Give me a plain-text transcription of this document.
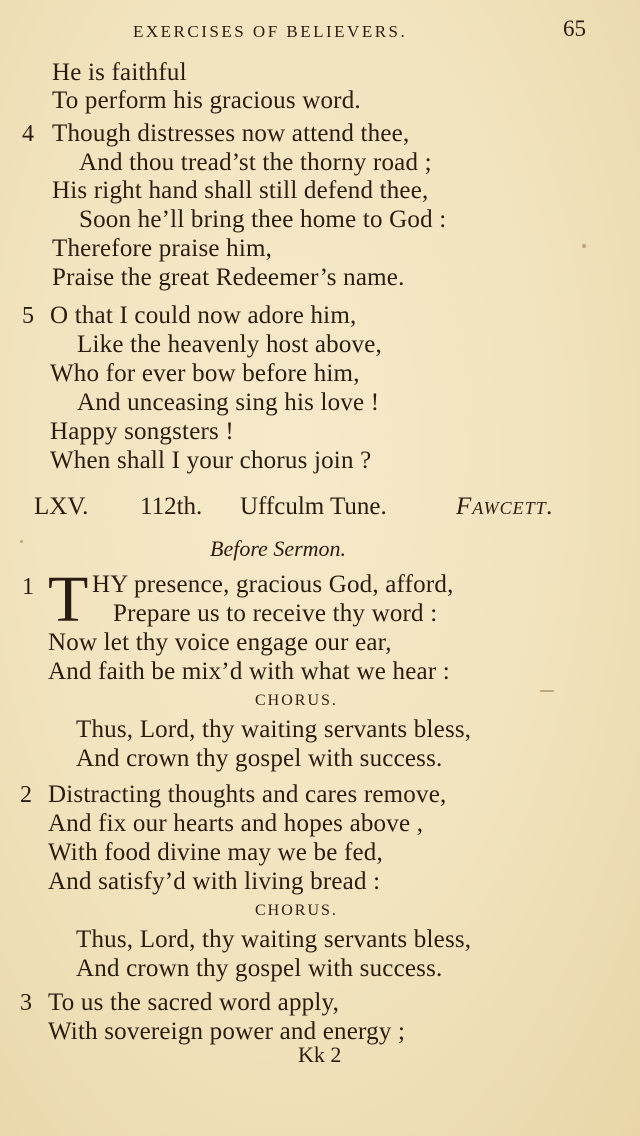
EXERCISES OF BELIEVERS.	65
He is faithful
To perform his gracious word.
4 Though distresses now attend thee,
And thou tread’st the thorny road ;
His right hand shall still defend thee,
Soon he’ll bring thee home to God :
Therefore praise him,
Praise the great Redeemer’s name.
5 O that I could now adore him,
Like the heavenly host above,
Who for ever bow before him,
And unceasing sing his love !
Happy songsters !
When shall I your chorus join ?
LXV. 112th. Uffculm Tune.	Fawcett.
Before Sermon.
1 T HY presence, gracious God, afford,
Prepare us to receive thy word :
Now let thy voice engage our ear,
And faith be mix’d with what we hear :
CHORUS.
Thus, Lord, thy waiting servants bless,
And crown thy gospel with success.
2 Distracting thoughts and cares remove,
And fix our hearts and hopes above ,
With food divine may we be fed,
And satisfy’d with living bread :
CHORUS.
Thus, Lord, thy waiting servants bless,
And crown thy gospel with success.
3 To us the sacred word apply,
With sovereign power and energy ;
Kk 2
